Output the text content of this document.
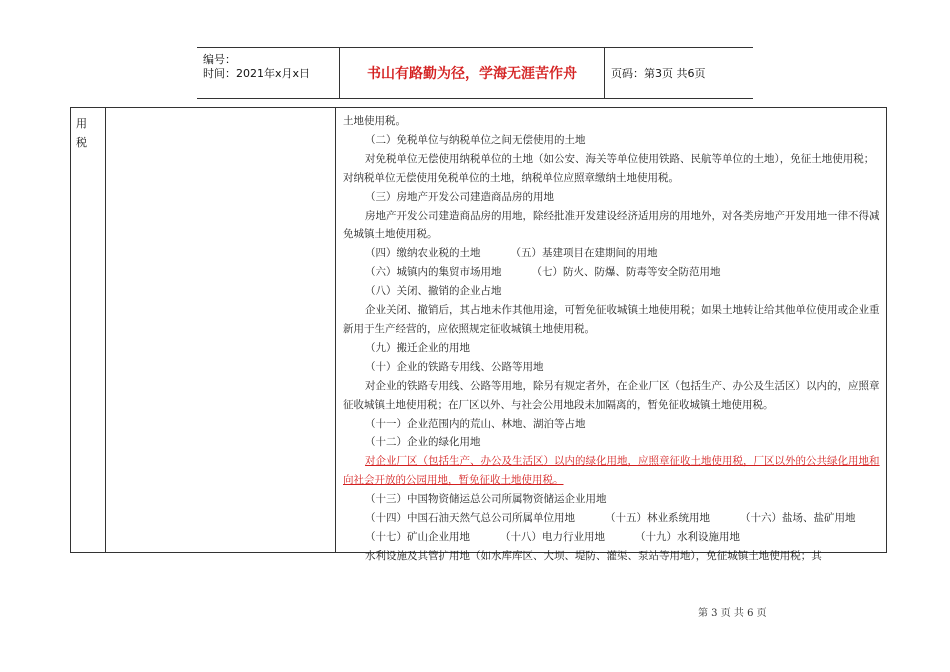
编号：
时间：2021年x月x日	书山有路勤为径，学海无涯苦作舟	页码：第3页 共6页
用
税

土地使用税。

（二）免税单位与纳税单位之间无偿使用的土地

对免税单位无偿使用纳税单位的土地（如公安、海关等单位使用铁路、民航等单位的土地），免征土地使用税；对纳税单位无偿使用免税单位的土地，纳税单位应照章缴纳土地使用税。

（三）房地产开发公司建造商品房的用地

房地产开发公司建造商品房的用地，除经批准开发建设经济适用房的用地外，对各类房地产开发用地一律不得减免城镇土地使用税。

（四）缴纳农业税的土地	（五）基建项目在建期间的用地

（六）城镇内的集贸市场用地	（七）防火、防爆、防毒等安全防范用地

（八）关闭、撤销的企业占地

企业关闭、撤销后，其占地未作其他用途，可暂免征收城镇土地使用税；如果土地转让给其他单位使用或企业重新用于生产经营的，应依照规定征收城镇土地使用税。

（九）搬迁企业的用地

（十）企业的铁路专用线、公路等用地

对企业的铁路专用线、公路等用地，除另有规定者外，在企业厂区（包括生产、办公及生活区）以内的，应照章征收城镇土地使用税；在厂区以外、与社会公用地段未加隔离的，暂免征收城镇土地使用税。

（十一）企业范围内的荒山、林地、湖泊等占地

（十二）企业的绿化用地

对企业厂区（包括生产、办公及生活区）以内的绿化用地，应照章征收土地使用税，厂区以外的公共绿化用地和向社会开放的公园用地，暂免征收土地使用税。

（十三）中国物资储运总公司所属物资储运企业用地

（十四）中国石油天然气总公司所属单位用地	（十五）林业系统用地	（十六）盐场、盐矿用地

（十七）矿山企业用地	（十八）电力行业用地	（十九）水利设施用地

水利设施及其管扩用地（如水库库区、大坝、堤防、灌渠、泵站等用地），免征城镇土地使用税；其

第 3 页 共 6 页
